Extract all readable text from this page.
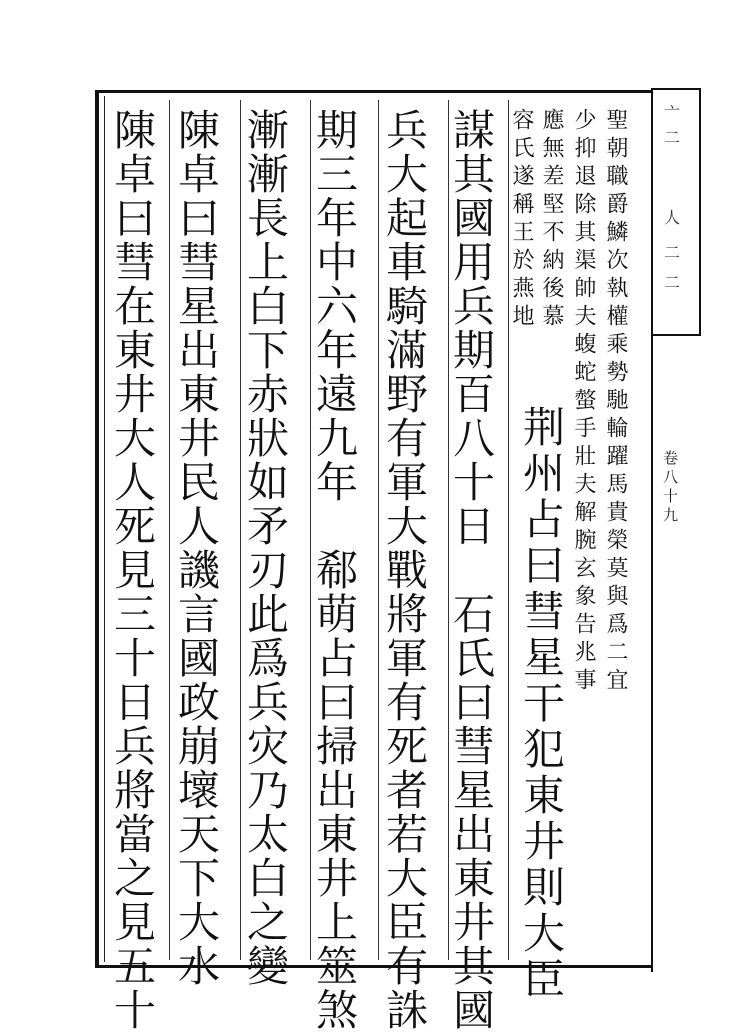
亠
二
人
二
二
卷八十九
聖朝職爵鱗次執權乘勢馳輪躍馬貴榮莫與爲二宜
少抑退除其渠帥夫蝮蛇螫手壯夫解腕玄象告兆事
應無差堅不納後慕
容氏遂稱王於燕地
荆州占曰彗星干犯東井則大臣
謀其國用兵期百八十日　石氏曰彗星出東井其國
兵大起車騎滿野有軍大戰將軍有死者若大臣有誅
期三年中六年遠九年　郗萌占曰掃出東井上筮煞
漸漸長上白下赤狀如矛刃此爲兵灾乃太白之變
陳卓曰彗星出東井民人譏言國政崩壞天下大水
陳卓曰彗在東井大人死見三十日兵將當之見五十
